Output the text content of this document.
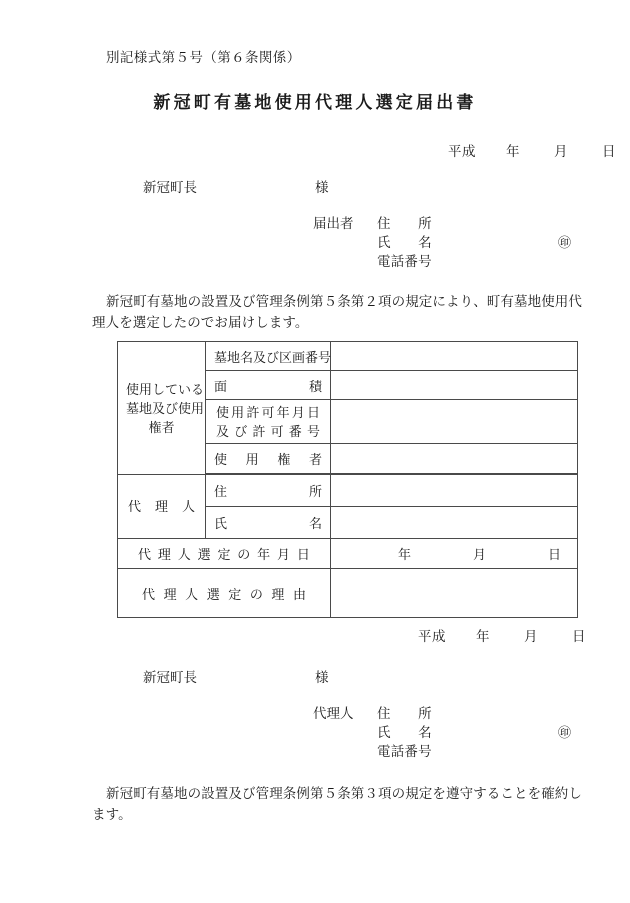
別記様式第５号（第６条関係）
新冠町有墓地使用代理人選定届出書
平成 年	月	日
新冠町長	様
届出者 住　　所
氏　　名	㊞
電話番号
新冠町有墓地の設置及び管理条例第５条第２項の規定により、町有墓地使用代理人を選定したのでお届けします。
使用している
墓地及び使用
権者	墓地名及び区画番号	

	面 積	

使 用 許 可 年 月 日
及 び 許 可 番 号

	使 用 権 者	

代 理 人	住 所	

	氏 名	

代 理 人 選 定 の 年 月 日	年	月	日

代 理 人 選 定 の 理 由

平成 年	月	日
新冠町長	様
代理人 住　　所
氏　　名	㊞
電話番号
新冠町有墓地の設置及び管理条例第５条第３項の規定を遵守することを確約します。
